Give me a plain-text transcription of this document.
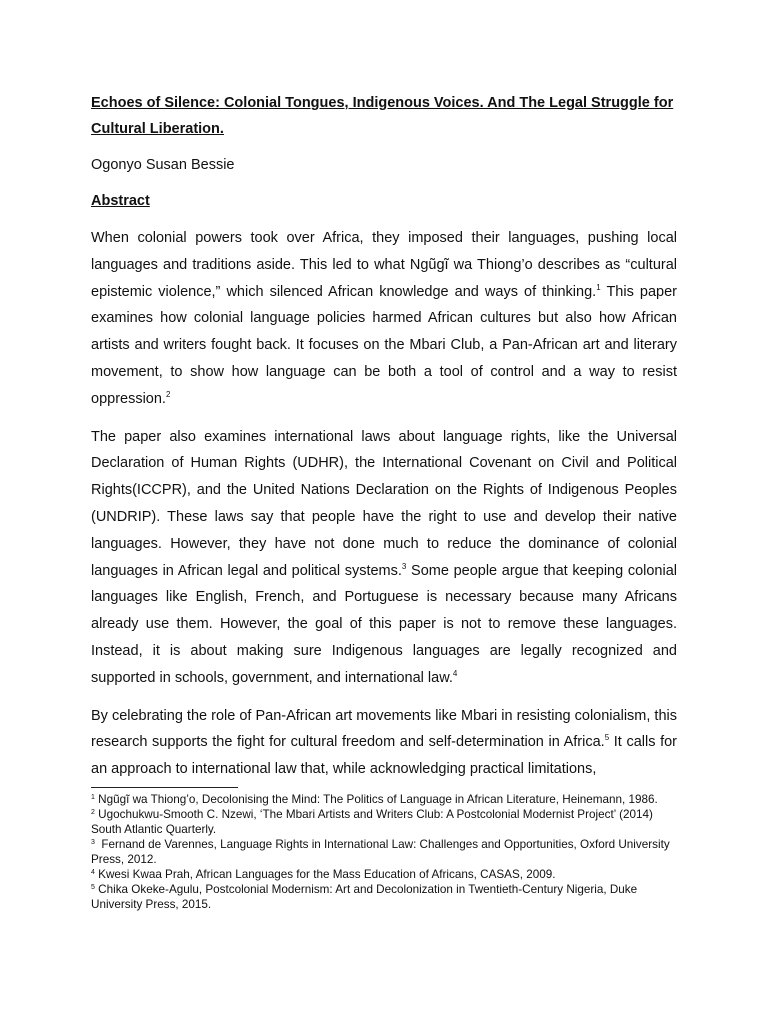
Echoes of Silence: Colonial Tongues, Indigenous Voices. And The Legal Struggle for Cultural Liberation.

Ogonyo Susan Bessie

Abstract

When colonial powers took over Africa, they imposed their languages, pushing local languages and traditions aside. This led to what Ngũgĩ wa Thiong’o describes as “cultural epistemic violence,” which silenced African knowledge and ways of thinking.$^1$ This paper examines how colonial language policies harmed African cultures but also how African artists and writers fought back. It focuses on the Mbari Club, a Pan-African art and literary movement, to show how language can be both a tool of control and a way to resist oppression.$^2$

The paper also examines international laws about language rights, like the Universal Declaration of Human Rights (UDHR), the International Covenant on Civil and Political Rights(ICCPR), and the United Nations Declaration on the Rights of Indigenous Peoples (UNDRIP). These laws say that people have the right to use and develop their native languages. However, they have not done much to reduce the dominance of colonial languages in African legal and political systems.$^3$ Some people argue that keeping colonial languages like English, French, and Portuguese is necessary because many Africans already use them. However, the goal of this paper is not to remove these languages. Instead, it is about making sure Indigenous languages are legally recognized and supported in schools, government, and international law.$^4$

By celebrating the role of Pan-African art movements like Mbari in resisting colonialism, this research supports the fight for cultural freedom and self-determination in Africa.$^5$ It calls for an approach to international law that, while acknowledging practical limitations,

$^1$ Ngũgĩ wa Thiong’o, Decolonising the Mind: The Politics of Language in African Literature, Heinemann, 1986.

$^2$ Ugochukwu-Smooth C. Nzewi, ‘The Mbari Artists and Writers Club: A Postcolonial Modernist Project’ (2014) South Atlantic Quarterly.

$^3$  Fernand de Varennes, Language Rights in International Law: Challenges and Opportunities, Oxford University Press, 2012.

$^4$ Kwesi Kwaa Prah, African Languages for the Mass Education of Africans, CASAS, 2009.

$^5$ Chika Okeke-Agulu, Postcolonial Modernism: Art and Decolonization in Twentieth-Century Nigeria, Duke University Press, 2015.
